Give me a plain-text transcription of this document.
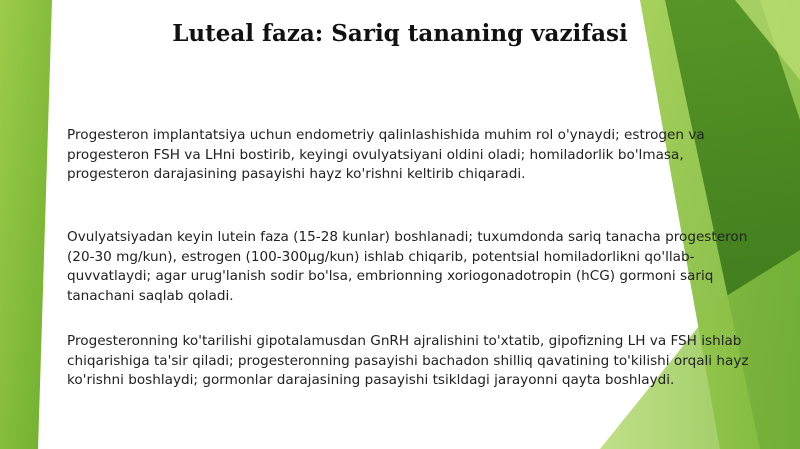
Luteal faza: Sariq tananing vazifasi
Progesteron implantatsiya uchun endometriy qalinlashishida muhim rol o'ynaydi; estrogen va progesteron FSH va LHni bostirib, keyingi ovulyatsiyani oldini oladi; homiladorlik bo'lmasa, progesteron darajasining pasayishi hayz ko'rishni keltirib chiqaradi.
Ovulyatsiyadan keyin lutein faza (15-28 kunlar) boshlanadi; tuxumdonda sariq tanacha progesteron (20-30 mg/kun), estrogen (100-300μg/kun) ishlab chiqarib, potentsial homiladorlikni qo'llab-quvvatlaydi; agar urug'lanish sodir bo'lsa, embrionning xoriogonadotropin (hCG) gormoni sariq tanachani saqlab qoladi.
Progesteronning ko'tarilishi gipotalamusdan GnRH ajralishini to'xtatib, gipofizning LH va FSH ishlab chiqarishiga ta'sir qiladi; progesteronning pasayishi bachadon shilliq qavatining to'kilishi orqali hayz ko'rishni boshlaydi; gormonlar darajasining pasayishi tsikldagi jarayonni qayta boshlaydi.
